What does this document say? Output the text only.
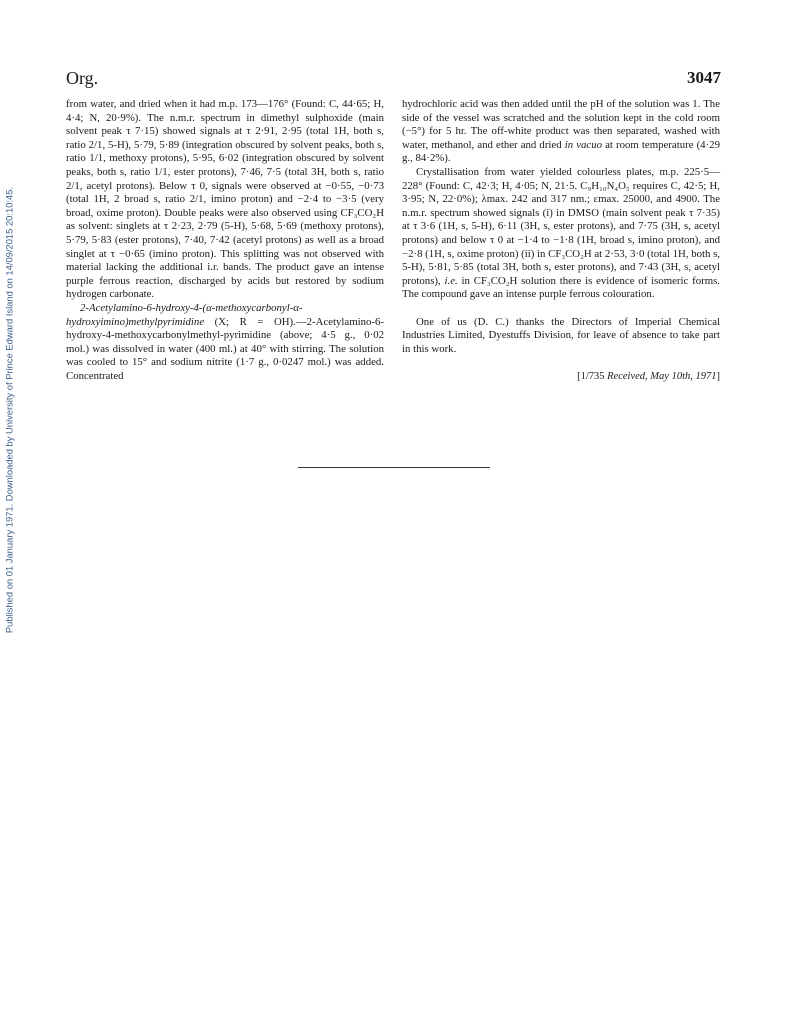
Published on 01 January 1971. Downloaded by University of Prince Edward Island on 14/09/2015 20:10:45.
Org.	3047

from water, and dried when it had m.p. 173—176° (Found: C, 44·65; H, 4·4; N, 20·9%). The n.m.r. spectrum in dimethyl sulphoxide (main solvent peak τ 7·15) showed signals at τ 2·91, 2·95 (total 1H, both s, ratio 2/1, 5-H), 5·79, 5·89 (integration obscured by solvent peaks, both s, ratio 1/1, methoxy protons), 5·95, 6·02 (integration obscured by solvent peaks, both s, ratio 1/1, ester protons), 7·46, 7·5 (total 3H, both s, ratio 2/1, acetyl protons). Below τ 0, signals were observed at −0·55, −0·73 (total 1H, 2 broad s, ratio 2/1, imino proton) and −2·4 to −3·5 (very broad, oxime proton). Double peaks were also observed using CF₃CO₂H as solvent: singlets at τ 2·23, 2·79 (5-H), 5·68, 5·69 (methoxy protons), 5·79, 5·83 (ester protons), 7·40, 7·42 (acetyl protons) as well as a broad singlet at τ −0·65 (imino proton). This splitting was not observed with material lacking the additional i.r. bands. The product gave an intense purple ferrous reaction, discharged by acids but restored by sodium hydrogen carbonate.

2-Acetylamino-6-hydroxy-4-(α-methoxycarbonyl-α-hydroxyimino)methylpyrimidine (X; R = OH).—2-Acetylamino-6-hydroxy-4-methoxycarbonylmethyl-pyrimidine (above; 4·5 g., 0·02 mol.) was dissolved in water (400 ml.) at 40° with stirring. The solution was cooled to 15° and sodium nitrite (1·7 g., 0·0247 mol.) was added. Concentrated

hydrochloric acid was then added until the pH of the solution was 1. The side of the vessel was scratched and the solution kept in the cold room (−5°) for 5 hr. The off-white product was then separated, washed with water, methanol, and ether and dried in vacuo at room temperature (4·29 g., 84·2%).

Crystallisation from water yielded colourless plates, m.p. 225·5—228° (Found: C, 42·3; H, 4·05; N, 21·5. C₉H₁₀N₄O₅ requires C, 42·5; H, 3·95; N, 22·0%); λmax. 242 and 317 nm.; εmax. 25000, and 4900. The n.m.r. spectrum showed signals (i) in DMSO (main solvent peak τ 7·35) at τ 3·6 (1H, s, 5-H), 6·11 (3H, s, ester protons), and 7·75 (3H, s, acetyl protons) and below τ 0 at −1·4 to −1·8 (1H, broad s, imino proton), and −2·8 (1H, s, oxime proton) (ii) in CF₃CO₂H at 2·53, 3·0 (total 1H, both s, 5-H), 5·81, 5·85 (total 3H, both s, ester protons), and 7·43 (3H, s, acetyl protons), i.e. in CF₃CO₂H solution there is evidence of isomeric forms. The compound gave an intense purple ferrous colouration.

One of us (D. C.) thanks the Directors of Imperial Chemical Industries Limited, Dyestuffs Division, for leave of absence to take part in this work.

[1/735 Received, May 10th, 1971]
